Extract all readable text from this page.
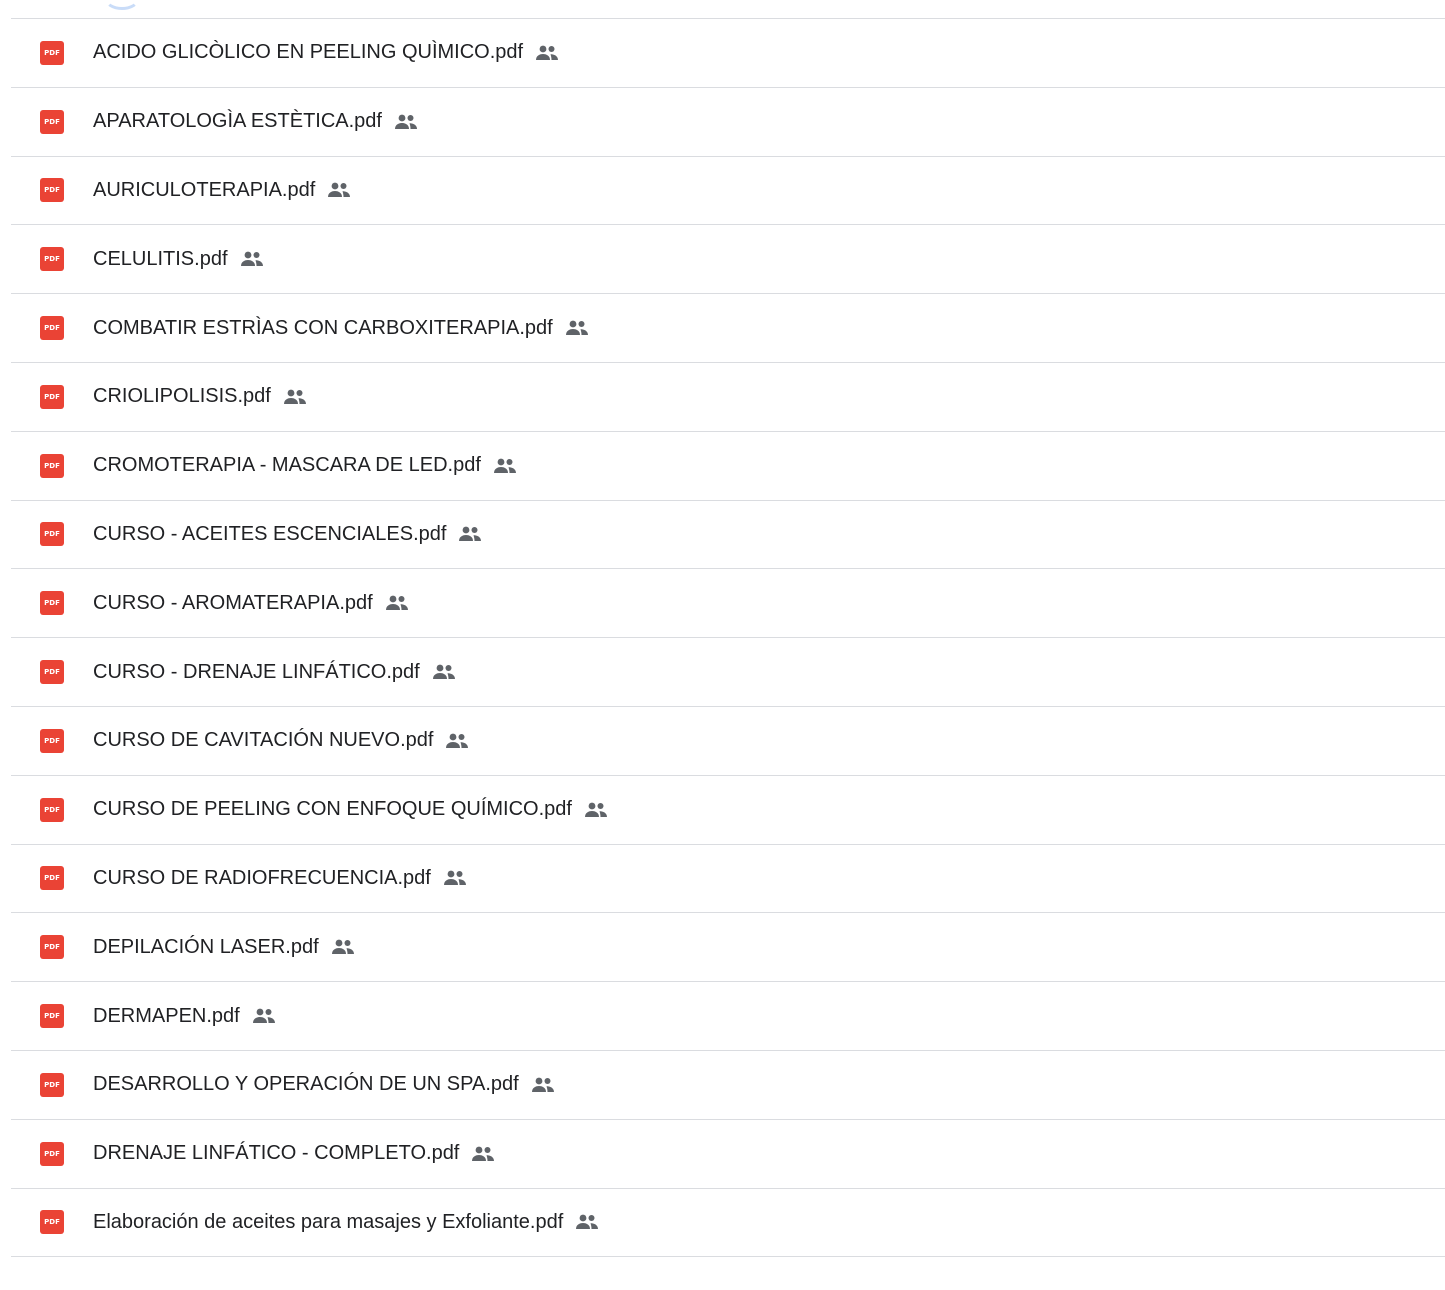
PDF ACIDO GLICÒLICO EN PEELING QUÌMICO.pdf
PDF APARATOLOGÌA ESTÈTICA.pdf
PDF AURICULOTERAPIA.pdf
PDF CELULITIS.pdf
PDF COMBATIR ESTRÌAS CON CARBOXITERAPIA.pdf
PDF CRIOLIPOLISIS.pdf
PDF CROMOTERAPIA - MASCARA DE LED.pdf
PDF CURSO - ACEITES ESCENCIALES.pdf
PDF CURSO - AROMATERAPIA.pdf
PDF CURSO - DRENAJE LINFÁTICO.pdf
PDF CURSO DE CAVITACIÓN NUEVO.pdf
PDF CURSO DE PEELING CON ENFOQUE QUÍMICO.pdf
PDF CURSO DE RADIOFRECUENCIA.pdf
PDF DEPILACIÓN LASER.pdf
PDF DERMAPEN.pdf
PDF DESARROLLO Y OPERACIÓN DE UN SPA.pdf
PDF DRENAJE LINFÁTICO - COMPLETO.pdf
PDF Elaboración de aceites para masajes y Exfoliante.pdf
